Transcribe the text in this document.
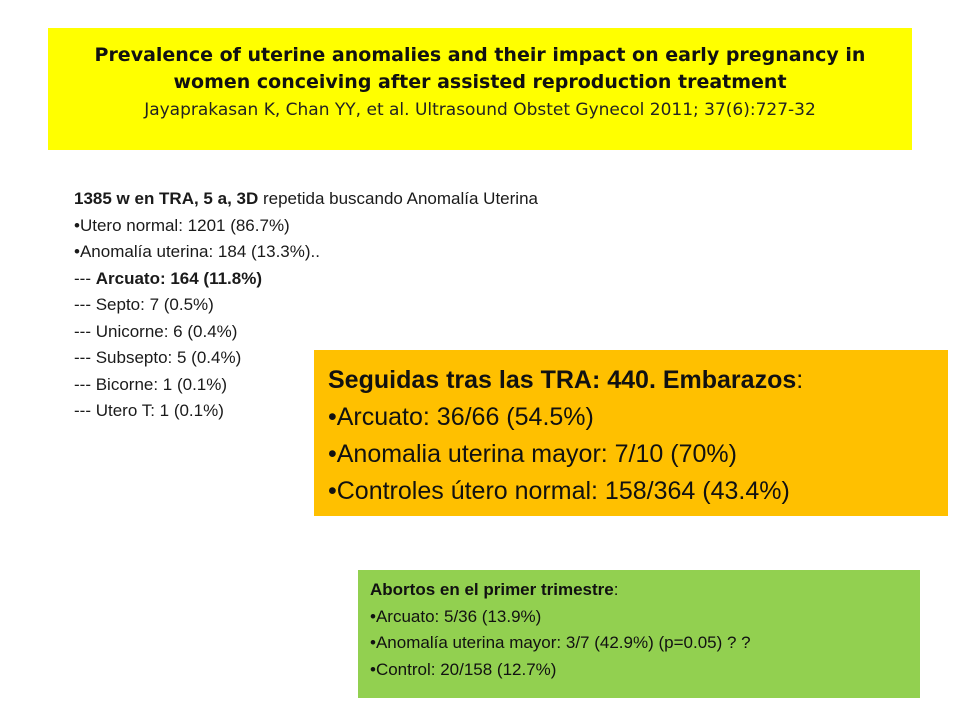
Prevalence of uterine anomalies and their impact on early pregnancy in
women conceiving after assisted reproduction treatment
Jayaprakasan K, Chan YY, et al. Ultrasound Obstet Gynecol 2011; 37(6):727-32
1385 w en TRA, 5 a, 3D repetida buscando Anomalía Uterina
•Utero normal: 1201 (86.7%)
•Anomalía uterina: 184 (13.3%)..
--- Arcuato: 164 (11.8%)
--- Septo: 7 (0.5%)
--- Unicorne: 6 (0.4%)
--- Subsepto: 5 (0.4%)
--- Bicorne: 1 (0.1%)
--- Utero T: 1 (0.1%)
Seguidas tras las TRA: 440. Embarazos:
•Arcuato: 36/66 (54.5%)
•Anomalia uterina mayor: 7/10 (70%)
•Controles útero normal: 158/364 (43.4%)
Abortos en el primer trimestre:
•Arcuato: 5/36 (13.9%)
•Anomalía uterina mayor: 3/7 (42.9%) (p=0.05) ? ?
•Control: 20/158 (12.7%)
